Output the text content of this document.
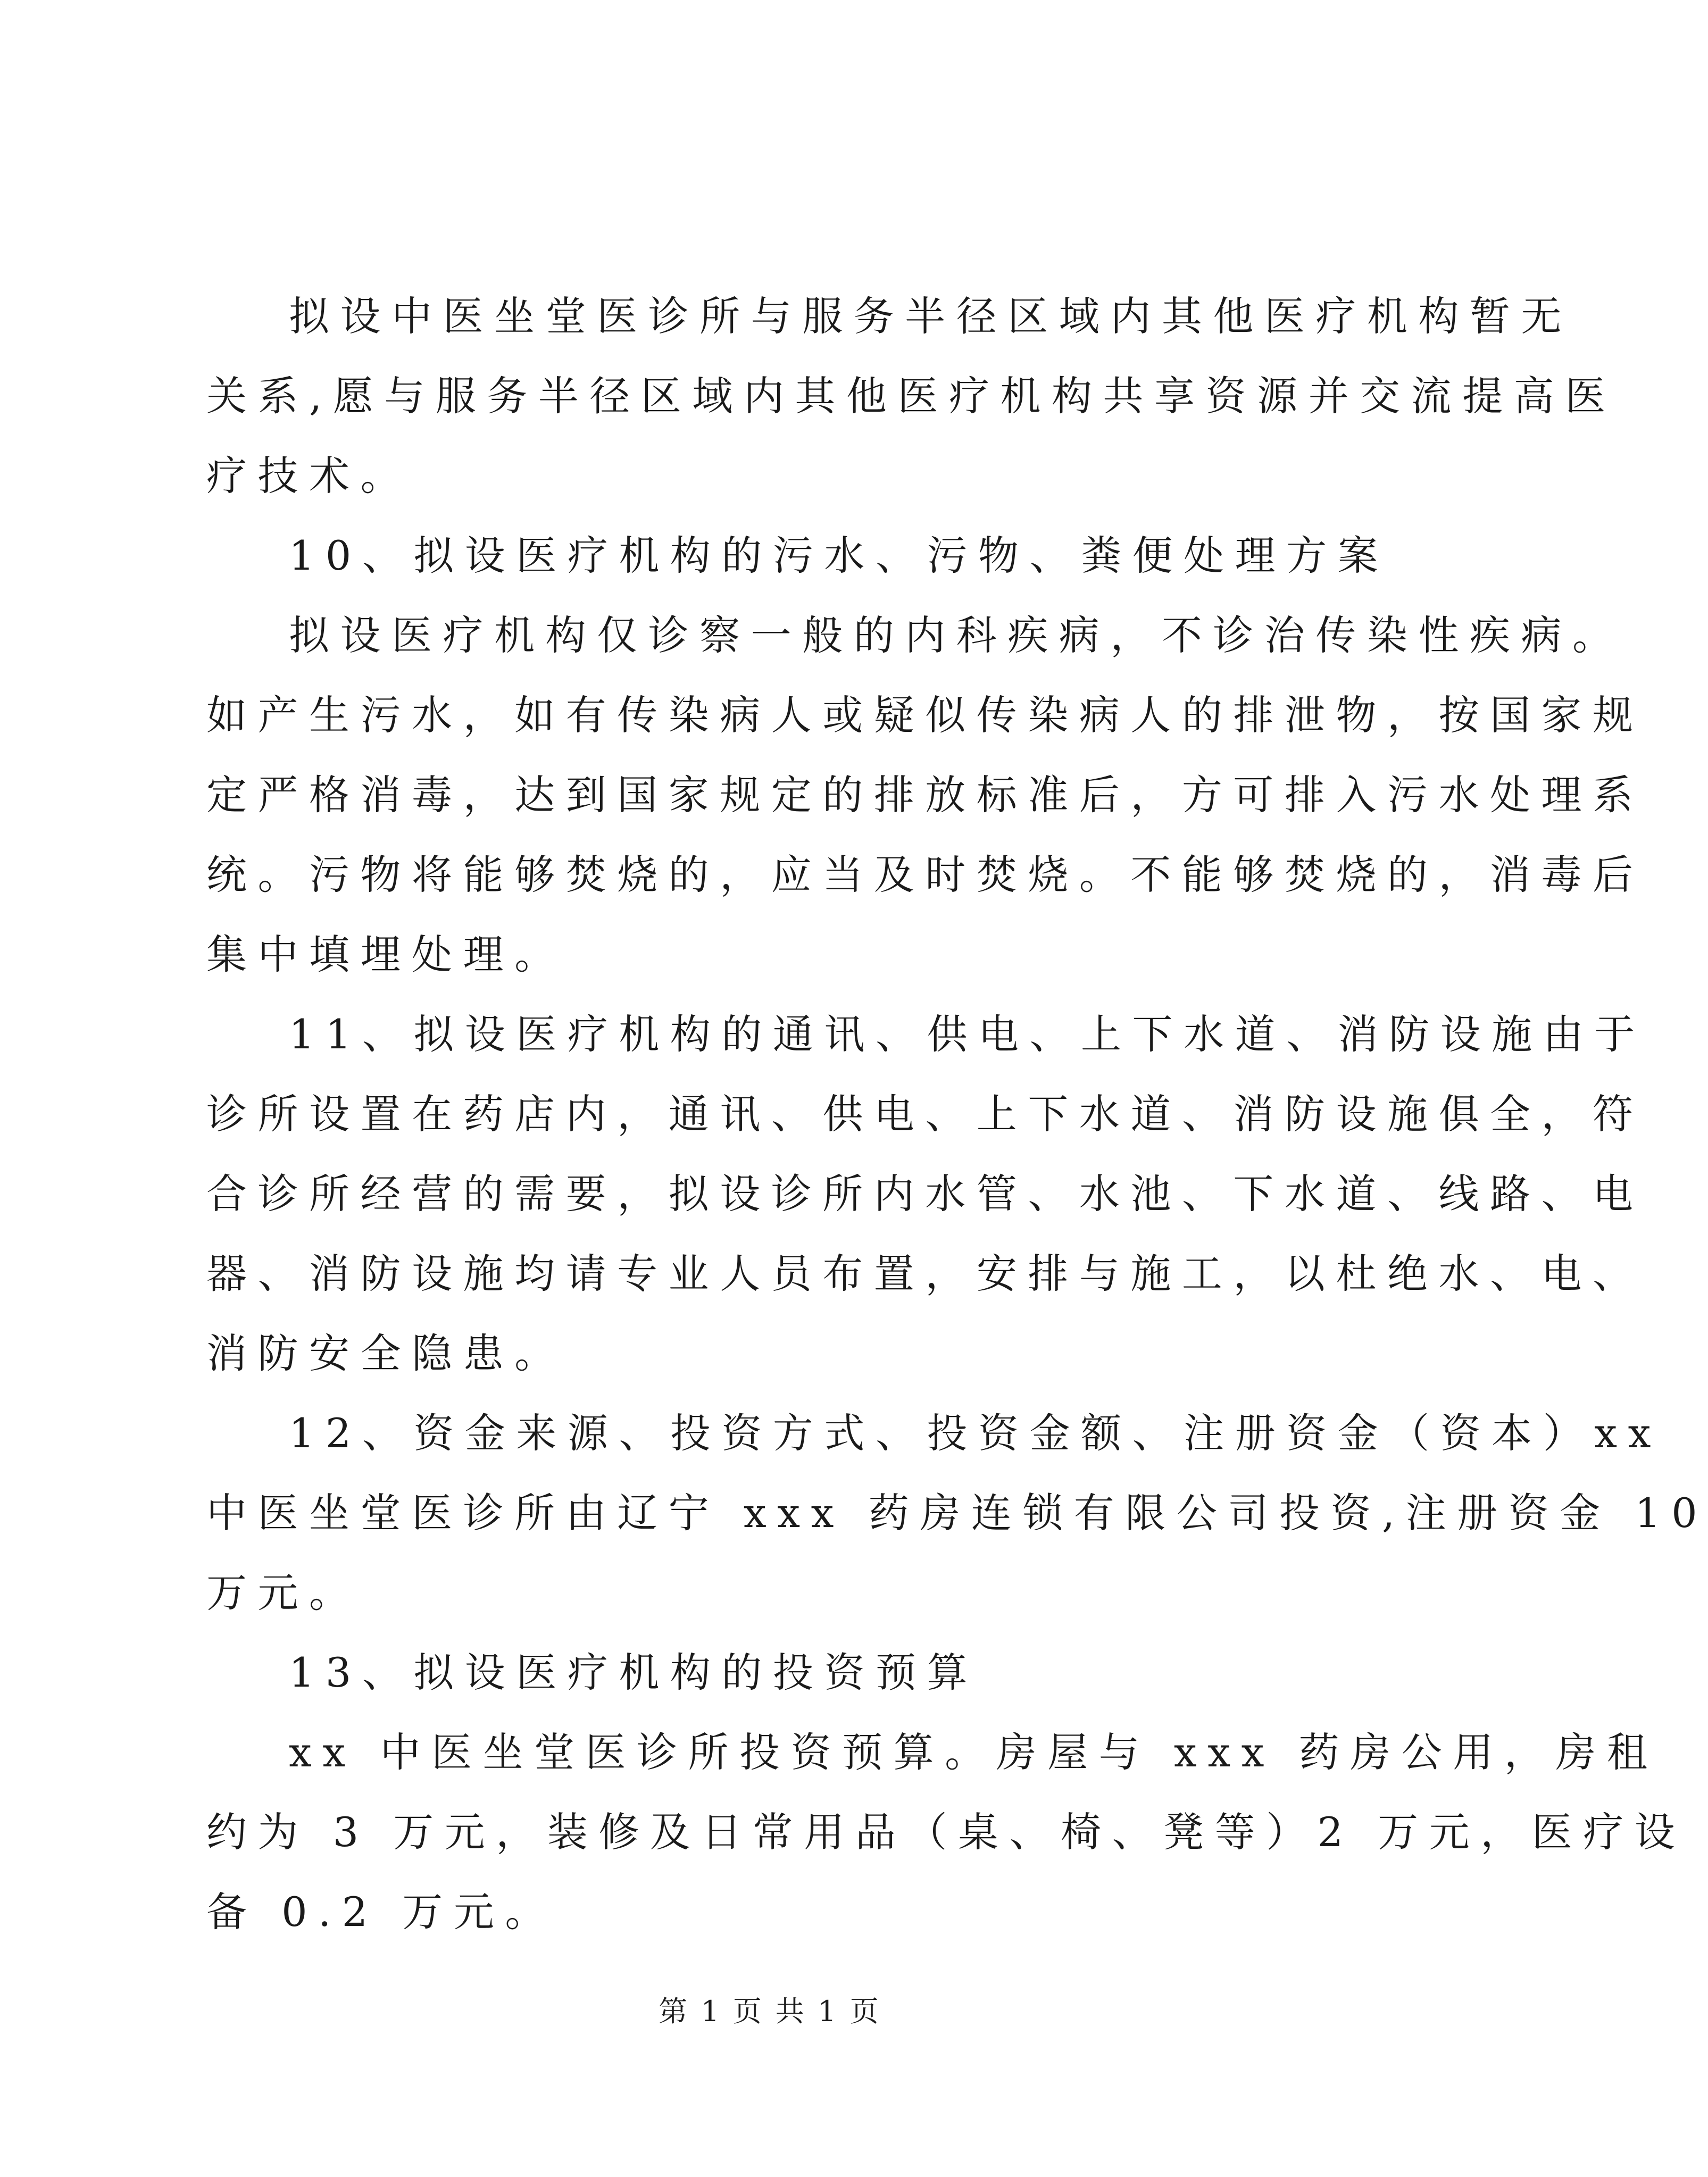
拟设中医坐堂医诊所与服务半径区域内其他医疗机构暂无
关系,愿与服务半径区域内其他医疗机构共享资源并交流提高医
疗技术。
10、拟设医疗机构的污水、污物、粪便处理方案
拟设医疗机构仅诊察一般的内科疾病，不诊治传染性疾病。
如产生污水，如有传染病人或疑似传染病人的排泄物，按国家规
定严格消毒，达到国家规定的排放标准后，方可排入污水处理系
统。污物将能够焚烧的，应当及时焚烧。不能够焚烧的，消毒后
集中填埋处理。
11、拟设医疗机构的通讯、供电、上下水道、消防设施由于
诊所设置在药店内，通讯、供电、上下水道、消防设施俱全，符
合诊所经营的需要，拟设诊所内水管、水池、下水道、线路、电
器、消防设施均请专业人员布置，安排与施工，以杜绝水、电、
消防安全隐患。
12、资金来源、投资方式、投资金额、注册资金（资本）xx
中医坐堂医诊所由辽宁 xxx 药房连锁有限公司投资,注册资金 10
万元。
13、拟设医疗机构的投资预算
xx 中医坐堂医诊所投资预算。房屋与 xxx 药房公用，房租
约为 3 万元，装修及日常用品（桌、椅、凳等）2 万元，医疗设
备 0.2 万元。
第 1 页 共 1 页
